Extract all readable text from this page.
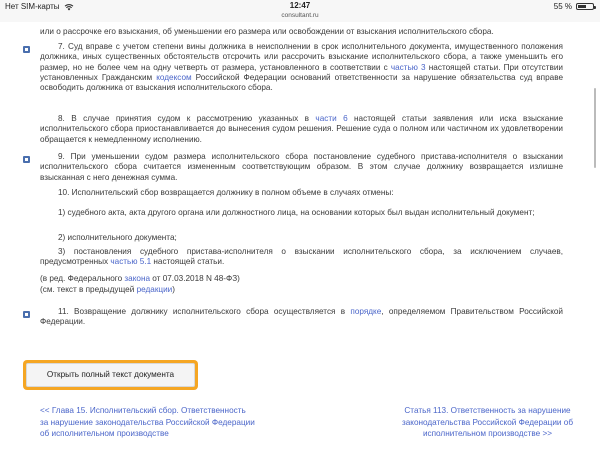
Нет SIM-карты	12:47
consultant.ru
55 %
или о рассрочке его взыскания, об уменьшении его размера или освобождении от взыскания исполнительского сбора.
7. Суд вправе с учетом степени вины должника в неисполнении в срок исполнительного документа, имущественного положения должника, иных существенных обстоятельств отсрочить или рассрочить взыскание исполнительского сбора, а также уменьшить его размер, но не более чем на одну четверть от размера, установленного в соответствии с частью 3 настоящей статьи. При отсутствии установленных Гражданским кодексом Российской Федерации оснований ответственности за нарушение обязательства суд вправе освободить должника от взыскания исполнительского сбора.
8. В случае принятия судом к рассмотрению указанных в части 6 настоящей статьи заявления или иска взыскание исполнительского сбора приостанавливается до вынесения судом решения. Решение суда о полном или частичном их удовлетворении обращается к немедленному исполнению.
9. При уменьшении судом размера исполнительского сбора постановление судебного пристава-исполнителя о взыскании исполнительского сбора считается измененным соответствующим образом. В этом случае должнику возвращается излишне взысканная с него денежная сумма.
10. Исполнительский сбор возвращается должнику в полном объеме в случаях отмены:
1) судебного акта, акта другого органа или должностного лица, на основании которых был выдан исполнительный документ;
2) исполнительного документа;
3) постановления судебного пристава-исполнителя о взыскании исполнительского сбора, за исключением случаев, предусмотренных частью 5.1 настоящей статьи.
(в ред. Федерального закона от 07.03.2018 N 48-ФЗ)
(см. текст в предыдущей редакции)
11. Возвращение должнику исполнительского сбора осуществляется в порядке, определяемом Правительством Российской Федерации.
Открыть полный текст документа
<< Глава 15. Исполнительский сбор. Ответственность за нарушение законодательства Российской Федерации об исполнительном производстве
Статья 113. Ответственность за нарушение законодательства Российской Федерации об исполнительном производстве >>
